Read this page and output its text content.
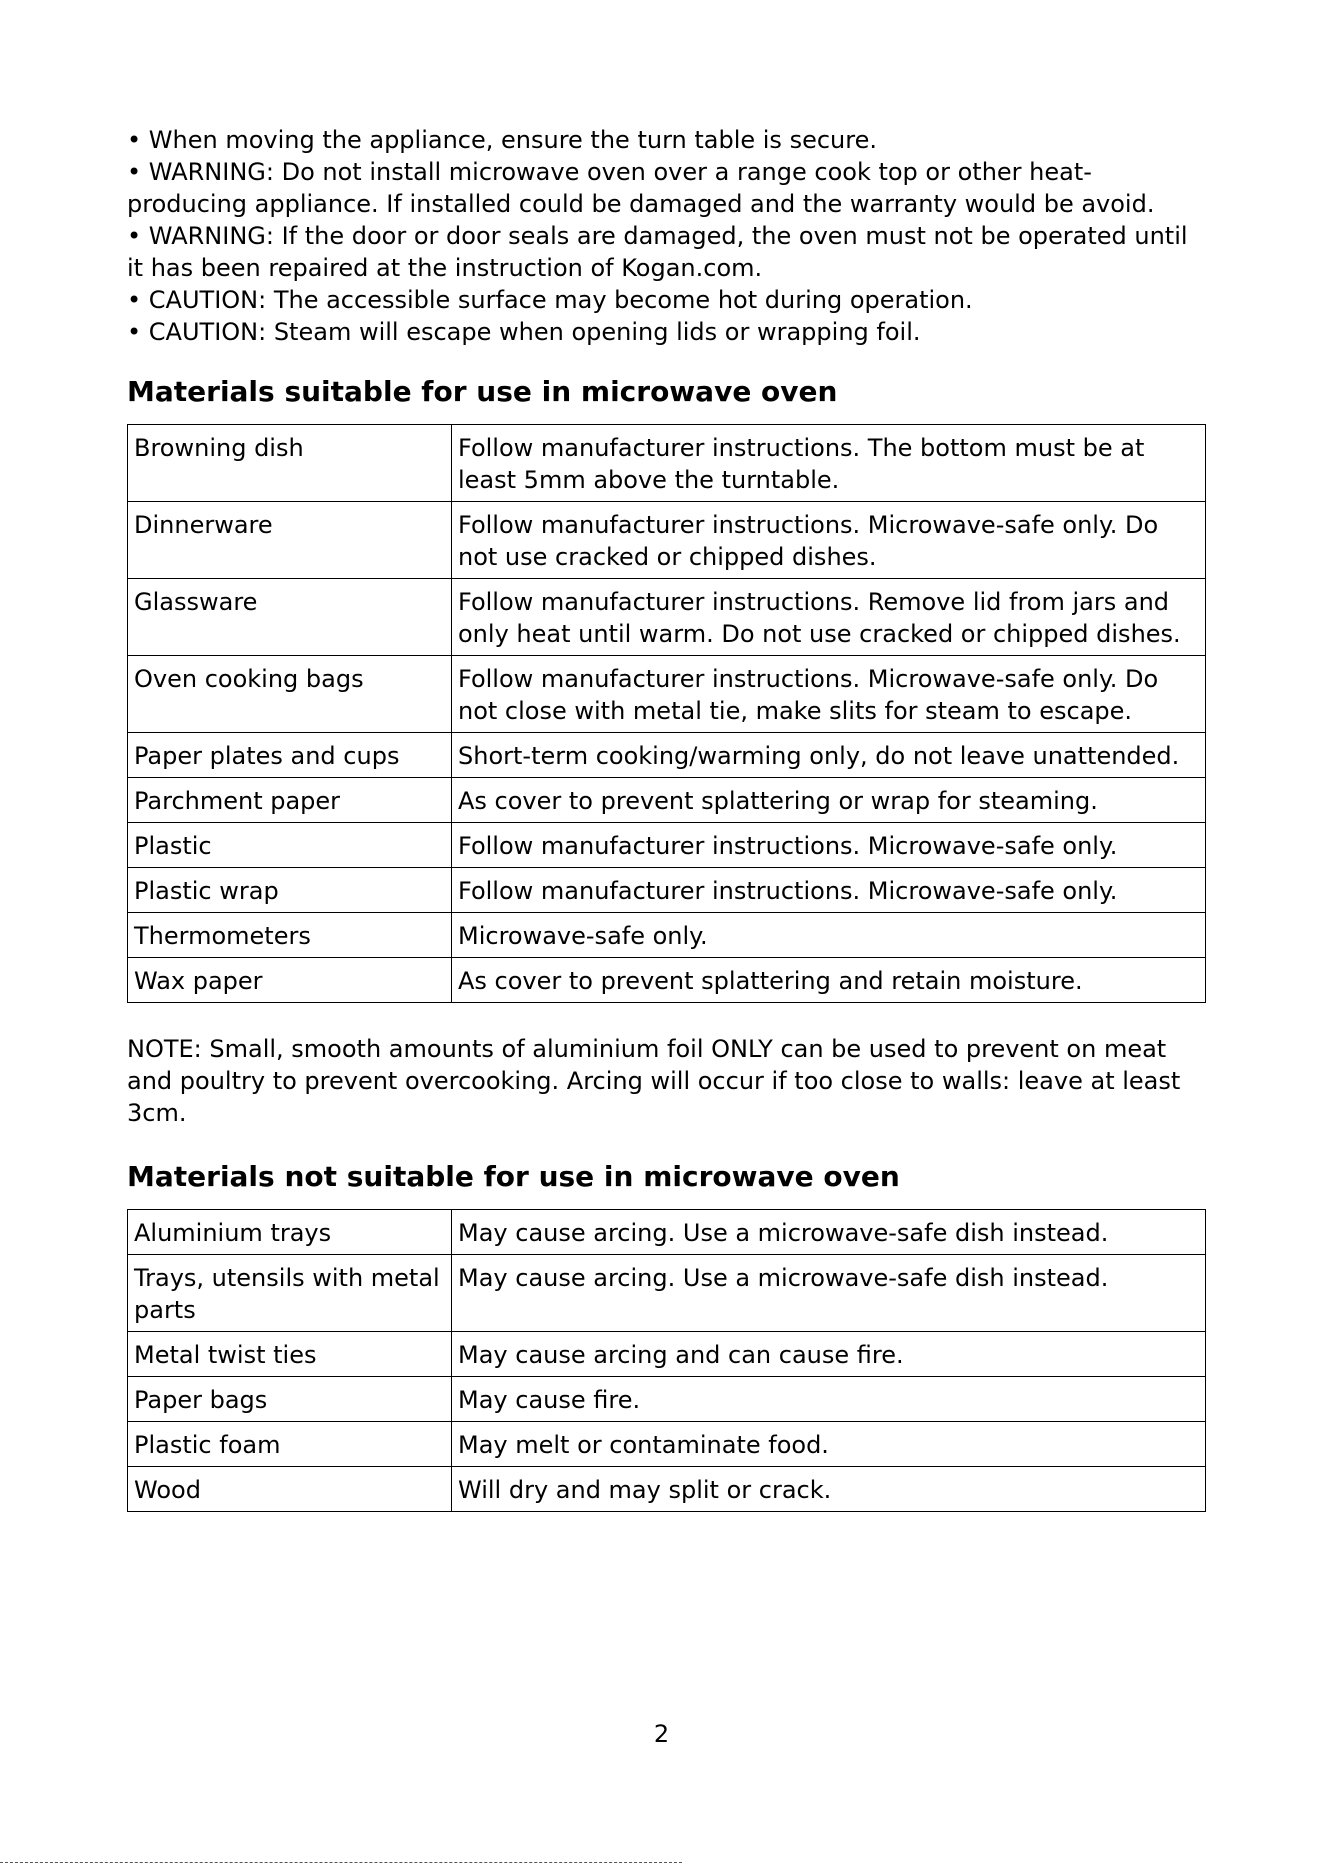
• When moving the appliance, ensure the turn table is secure.

• WARNING: Do not install microwave oven over a range cook top or other heat-producing appliance. If installed could be damaged and the warranty would be avoid.

• WARNING: If the door or door seals are damaged, the oven must not be operated until it has been repaired at the instruction of Kogan.com.

• CAUTION: The accessible surface may become hot during operation.

• CAUTION: Steam will escape when opening lids or wrapping foil.

Materials suitable for use in microwave oven
Browning dish	Follow manufacturer instructions. The bottom must be at least 5mm above the turntable.
Dinnerware	Follow manufacturer instructions. Microwave-safe only. Do not use cracked or chipped dishes.
Glassware	Follow manufacturer instructions. Remove lid from jars and only heat until warm. Do not use cracked or chipped dishes.
Oven cooking bags	Follow manufacturer instructions. Microwave-safe only. Do not close with metal tie, make slits for steam to escape.
Paper plates and cups	Short-term cooking/warming only, do not leave unattended.
Parchment paper	As cover to prevent splattering or wrap for steaming.
Plastic	Follow manufacturer instructions. Microwave-safe only.
Plastic wrap	Follow manufacturer instructions. Microwave-safe only.
Thermometers	Microwave-safe only.
Wax paper	As cover to prevent splattering and retain moisture.

NOTE: Small, smooth amounts of aluminium foil ONLY can be used to prevent on meat and poultry to prevent overcooking. Arcing will occur if too close to walls: leave at least 3cm.

Materials not suitable for use in microwave oven
Aluminium trays	May cause arcing. Use a microwave-safe dish instead.
Trays, utensils with metal parts	May cause arcing. Use a microwave-safe dish instead.
Metal twist ties	May cause arcing and can cause fire.
Paper bags	May cause fire.
Plastic foam	May melt or contaminate food.
Wood	Will dry and may split or crack.
2
